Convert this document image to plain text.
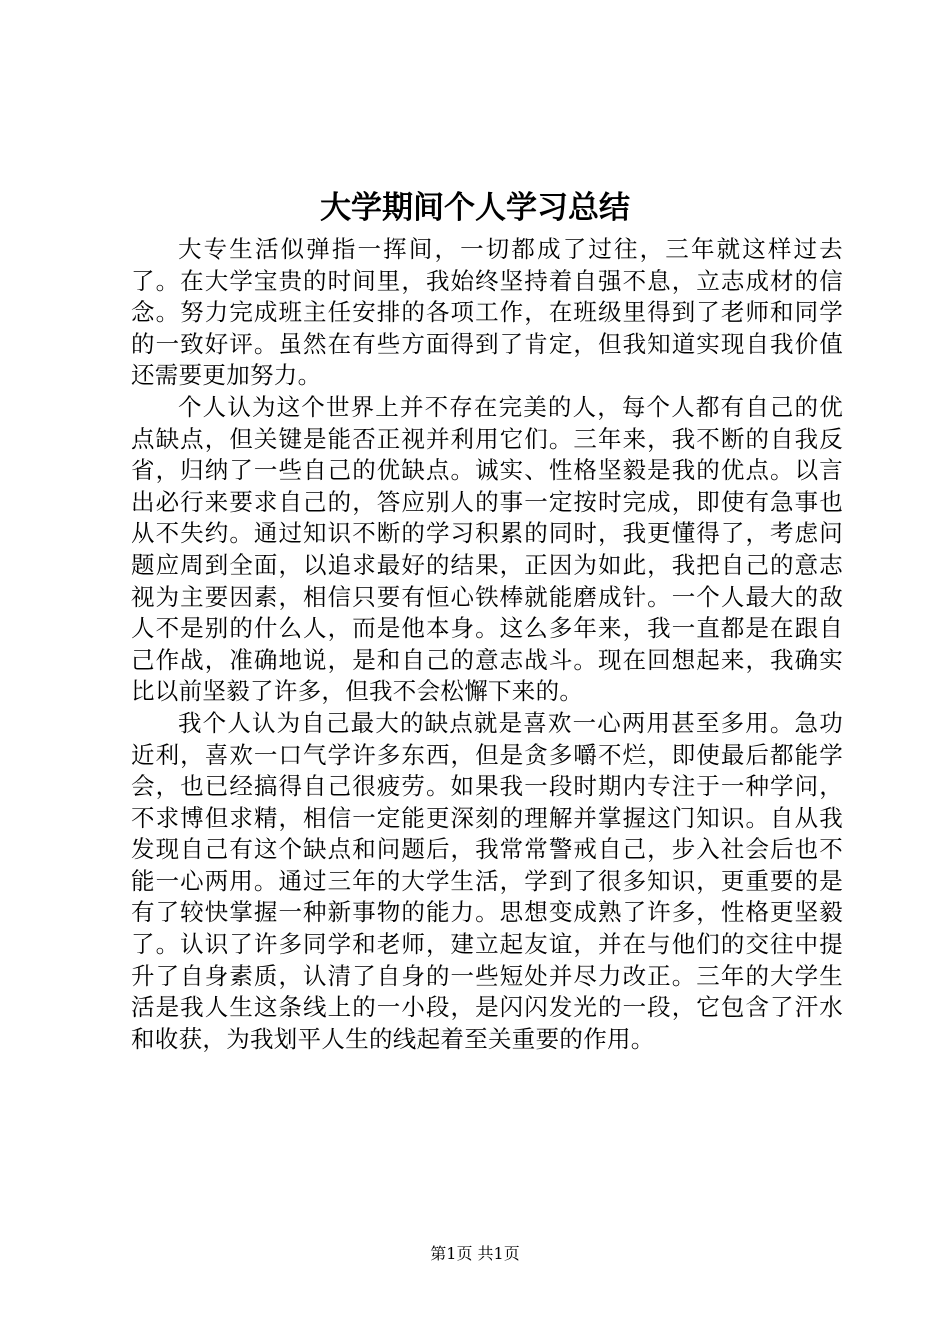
大学期间个人学习总结

大专生活似弹指一挥间，一切都成了过往，三年就这样过去了。在大学宝贵的时间里，我始终坚持着自强不息，立志成材的信念。努力完成班主任安排的各项工作，在班级里得到了老师和同学的一致好评。虽然在有些方面得到了肯定，但我知道实现自我价值还需要更加努力。

个人认为这个世界上并不存在完美的人，每个人都有自己的优点缺点，但关键是能否正视并利用它们。三年来，我不断的自我反省，归纳了一些自己的优缺点。诚实、性格坚毅是我的优点。以言出必行来要求自己的，答应别人的事一定按时完成，即使有急事也从不失约。通过知识不断的学习积累的同时，我更懂得了，考虑问题应周到全面，以追求最好的结果，正因为如此，我把自己的意志视为主要因素，相信只要有恒心铁棒就能磨成针。一个人最大的敌人不是别的什么人，而是他本身。这么多年来，我一直都是在跟自己作战，准确地说，是和自己的意志战斗。现在回想起来，我确实比以前坚毅了许多，但我不会松懈下来的。

我个人认为自己最大的缺点就是喜欢一心两用甚至多用。急功近利，喜欢一口气学许多东西，但是贪多嚼不烂，即使最后都能学会，也已经搞得自己很疲劳。如果我一段时期内专注于一种学问，不求博但求精，相信一定能更深刻的理解并掌握这门知识。自从我发现自己有这个缺点和问题后，我常常警戒自己，步入社会后也不能一心两用。通过三年的大学生活，学到了很多知识，更重要的是有了较快掌握一种新事物的能力。思想变成熟了许多，性格更坚毅了。认识了许多同学和老师，建立起友谊，并在与他们的交往中提升了自身素质，认清了自身的一些短处并尽力改正。三年的大学生活是我人生这条线上的一小段，是闪闪发光的一段，它包含了汗水和收获，为我划平人生的线起着至关重要的作用。

第1页 共1页
